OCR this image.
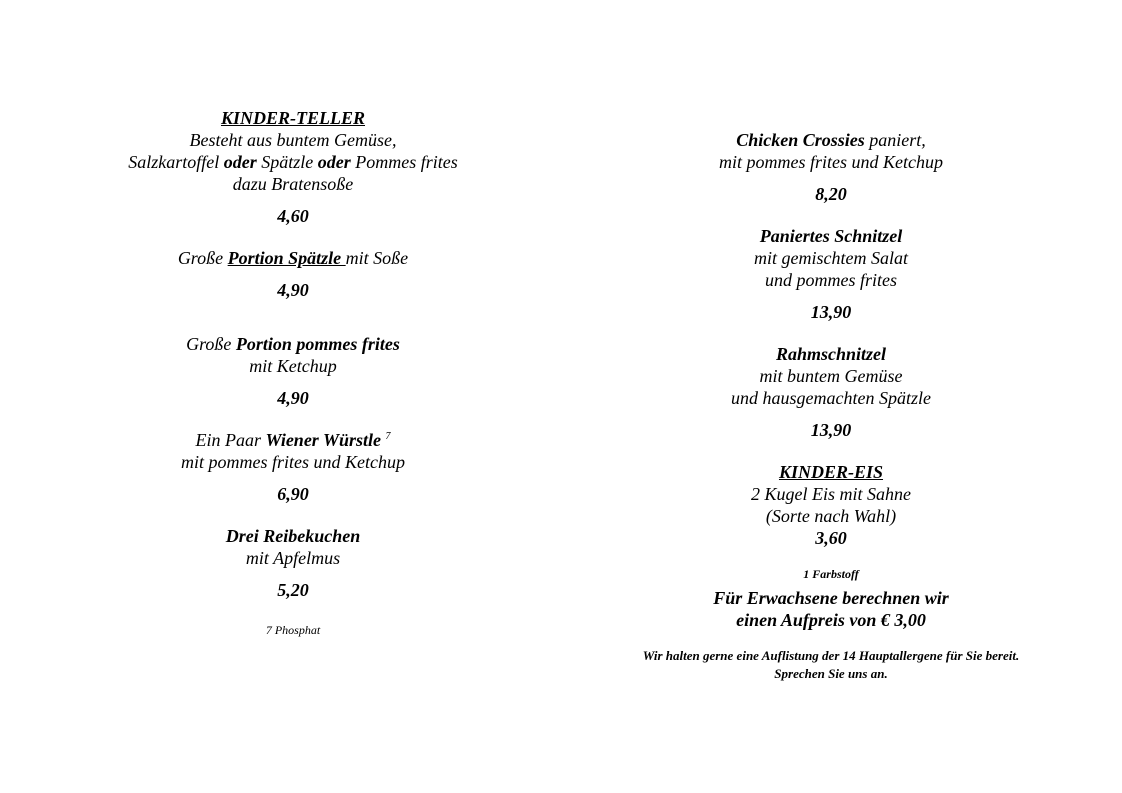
KINDER-TELLER
Besteht aus buntem Gemüse,
Salzkartoffel oder Spätzle oder Pommes frites
dazu Bratensoße
4,60
Große Portion Spätzle mit Soße
4,90
Große Portion pommes frites
mit Ketchup
4,90
Ein Paar Wiener Würstle $^7$
mit pommes frites und Ketchup
6,90
Drei Reibekuchen
mit Apfelmus
5,20
7 Phosphat
Chicken Crossies paniert,
mit pommes frites und Ketchup
8,20
Paniertes Schnitzel
mit gemischtem Salat
und pommes frites
13,90
Rahmschnitzel
mit buntem Gemüse
und hausgemachten Spätzle
13,90
KINDER-EIS
2 Kugel Eis mit Sahne
(Sorte nach Wahl)
3,60
1 Farbstoff
Für Erwachsene berechnen wir
einen Aufpreis von € 3,00
Wir halten gerne eine Auflistung der 14 Hauptallergene für Sie bereit.
Sprechen Sie uns an.
